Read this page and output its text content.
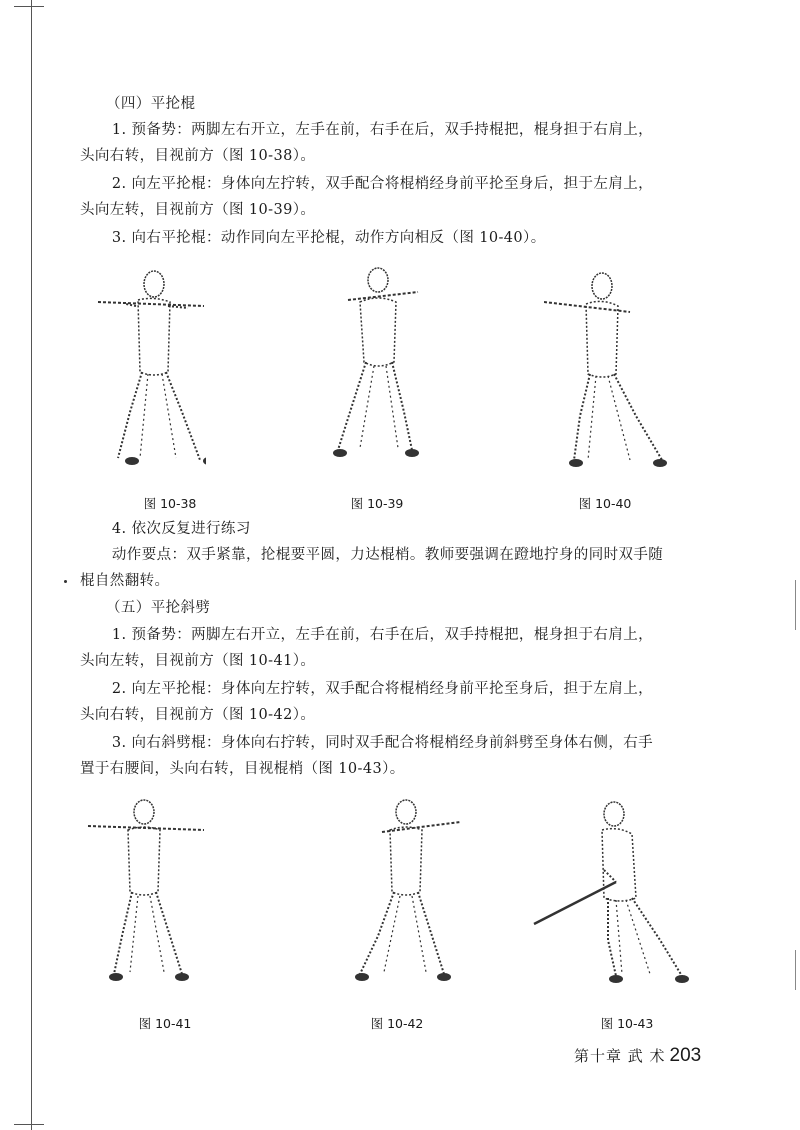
（四）平抡棍

1. 预备势：两脚左右开立，左手在前，右手在后，双手持棍把，棍身担于右肩上，
头向右转，目视前方（图 10-38）。

2. 向左平抡棍：身体向左拧转，双手配合将棍梢经身前平抡至身后，担于左肩上，
头向左转，目视前方（图 10-39）。

3. 向右平抡棍：动作同向左平抡棍，动作方向相反（图 10-40）。

图 10-38	图 10-39	图 10-40

4. 依次反复进行练习

动作要点：双手紧靠，抡棍要平圆，力达棍梢。教师要强调在蹬地拧身的同时双手随
棍自然翻转。

（五）平抡斜劈

1. 预备势：两脚左右开立，左手在前，右手在后，双手持棍把，棍身担于右肩上，
头向左转，目视前方（图 10-41）。

2. 向左平抡棍：身体向左拧转，双手配合将棍梢经身前平抡至身后，担于左肩上，
头向右转，目视前方（图 10-42）。

3. 向右斜劈棍：身体向右拧转，同时双手配合将棍梢经身前斜劈至身体右侧，右手
置于右腰间，头向右转，目视棍梢（图 10-43）。

图 10-41	图 10-42	图 10-43
第十章 武 术 203
